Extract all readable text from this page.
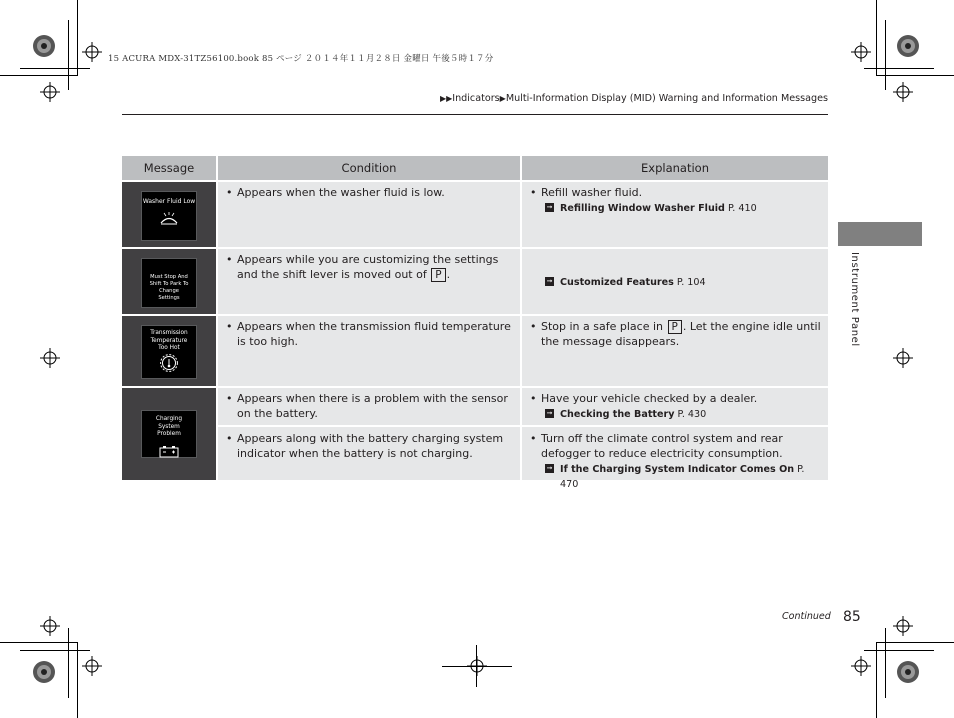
15 ACURA MDX-31TZ56100.book 85 ページ ２０１４年１１月２８日 金曜日 午後５時１７分
▶▶Indicators▶Multi-Information Display (MID) Warning and Information Messages
Instrument Panel
Message	Condition	Explanation
Washer Fluid Low
• Appears when the washer fluid is low.
•	Refill washer fluid.
➞ Refilling Window Washer Fluid P. 410
Must Stop And Shift To Park To Change Settings
• Appears while you are customizing the settings and the shift lever is moved out of P .	➞ Customized Features P. 104
Transmission Temperature Too Hot
• Appears when the transmission fluid temperature is too high.
• Stop in a safe place in P . Let the engine idle until the message disappears.
Charging System Problem
• Appears when there is a problem with the sensor on the battery.
• Have your vehicle checked by a dealer.
➞ Checking the Battery P. 430
• Appears along with the battery charging system indicator when the battery is not charging.
• Turn off the climate control system and rear defogger to reduce electricity consumption.
➞ If the Charging System Indicator Comes On P. 470
Continued 85
